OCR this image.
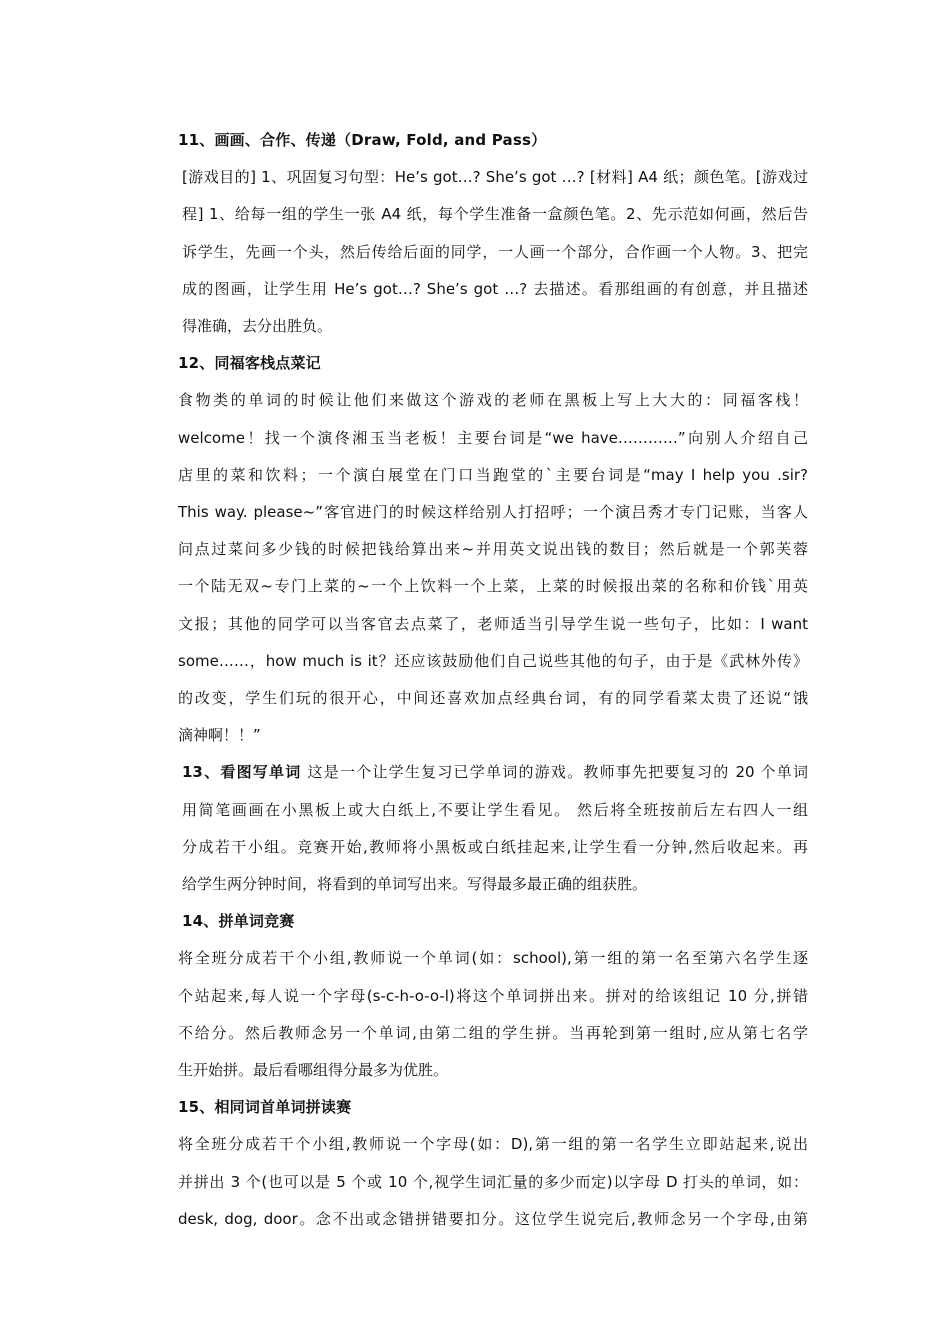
11、画画、合作、传递（Draw, Fold, and Pass）
[游戏目的] 1、巩固复习句型：He’s got…? She’s got …? [材料] A4 纸；颜色笔。[游戏过
程] 1、给每一组的学生一张 A4 纸，每个学生准备一盒颜色笔。2、先示范如何画，然后告
诉学生，先画一个头，然后传给后面的同学，一人画一个部分，合作画一个人物。3、把完
成的图画，让学生用 He’s got…? She’s got …? 去描述。看那组画的有创意，并且描述
得准确，去分出胜负。
12、同福客栈点菜记
食物类的单词的时候让他们来做这个游戏的老师在黑板上写上大大的：同福客栈！
welcome！找一个演佟湘玉当老板！主要台词是“we have…………”向别人介绍自己
店里的菜和饮料；一个演白展堂在门口当跑堂的`主要台词是“may I help you .sir?
This way. please~”客官进门的时候这样给别人打招呼；一个演吕秀才专门记账，当客人
问点过菜问多少钱的时候把钱给算出来~并用英文说出钱的数目；然后就是一个郭芙蓉
一个陆无双~专门上菜的~一个上饮料一个上菜，上菜的时候报出菜的名称和价钱`用英
文报；其他的同学可以当客官去点菜了，老师适当引导学生说一些句子，比如：I want
some……，how much is it？还应该鼓励他们自己说些其他的句子，由于是《武林外传》
的改变，学生们玩的很开心，中间还喜欢加点经典台词，有的同学看菜太贵了还说“饿
滴神啊！！”
13、看图写单词 这是一个让学生复习已学单词的游戏。教师事先把要复习的 20 个单词
用简笔画画在小黑板上或大白纸上,不要让学生看见。 然后将全班按前后左右四人一组
分成若干小组。竞赛开始,教师将小黑板或白纸挂起来,让学生看一分钟,然后收起来。再
给学生两分钟时间，将看到的单词写出来。写得最多最正确的组获胜。
14、拼单词竞赛
将全班分成若干个小组,教师说一个单词(如：school),第一组的第一名至第六名学生逐
个站起来,每人说一个字母(s-c-h-o-o-l)将这个单词拼出来。拼对的给该组记 10 分,拼错
不给分。然后教师念另一个单词,由第二组的学生拼。当再轮到第一组时,应从第七名学
生开始拼。最后看哪组得分最多为优胜。
15、相同词首单词拼读赛
将全班分成若干个小组,教师说一个字母(如：D),第一组的第一名学生立即站起来,说出
并拼出 3 个(也可以是 5 个或 10 个,视学生词汇量的多少而定)以字母 D 打头的单词，如：
desk, dog, door。念不出或念错拼错要扣分。这位学生说完后,教师念另一个字母,由第
